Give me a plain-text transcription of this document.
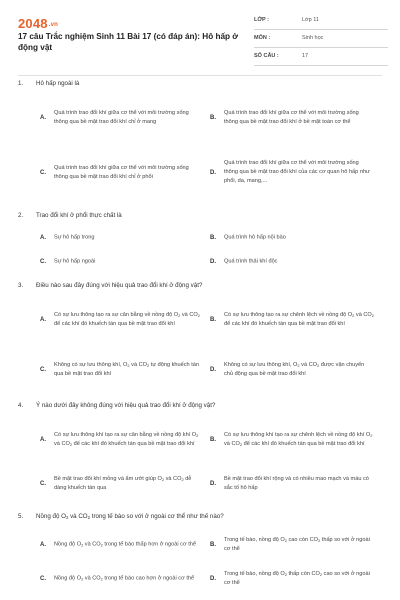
2048.vn
17 câu Trắc nghiệm Sinh 11 Bài 17 (có đáp án): Hô hấp ở động vật
LỚP :	Lớp 11
MÔN :	Sinh học
SỐ CÂU :	17
1. Hô hấp ngoài là
A.
Quá trình trao đổi khí giữa cơ thể với môi trường sống thông qua bề mặt trao đổi khí chỉ ở mang
B.
Quá trình trao đổi khí giữa cơ thể với môi trường sống thông qua bề mặt trao đổi khí ở bề mặt toàn cơ thể
C.
Quá trình trao đổi khí giữa cơ thể với môi trường sống thông qua bề mặt trao đổi khí chỉ ở phổi
D.
Quá trình trao đổi khí giữa cơ thể với môi trường sống thông qua bề mặt trao đổi khí của các cơ quan hô hấp như phổi, da, mang,...
2. Trao đổi khí ở phổi thực chất là
A. Sự hô hấp trong	B. Quá trình hô hấp nội bào
C. Sự hô hấp ngoài	D. Quá trình thải khí độc
3. Điều nào sau đây đúng với hiệu quả trao đổi khí ở động vật?
A.
Có sự lưu thông tạo ra sự cân bằng về nồng độ $O_2$ và $CO_2$ để các khí đó khuếch tán qua bề mặt trao đổi khí
B.
Có sự lưu thông tạo ra sự chênh lệch về nồng độ $O_2$ và $CO_2$ để các khí đó khuếch tán qua bề mặt trao đổi khí
C.
Không có sự lưu thông khí, $O_2$ và $CO_2$ tự động khuếch tán qua bề mặt trao đổi khí
D.
Không có sự lưu thông khí, $O_2$ và $CO_2$ được vận chuyển chủ động qua bề mặt trao đổi khí
4. Ý nào dưới đây không đúng với hiệu quả trao đổi khí ở động vật?
A.
Có sự lưu thông khí tạo ra sự cân bằng về nồng độ khí $O_2$ và $CO_2$ để các khí đó khuếch tán qua bề mặt trao đổi khí
B.
Có sự lưu thông khí tạo ra sự chênh lệch về nồng độ khí $O_2$ và $CO_2$ để các khí đó khuếch tán qua bề mặt trao đổi khí
C.
Bề mặt trao đổi khí mỏng và ẩm ướt giúp $O_2$ và $CO_2$ dễ dàng khuếch tán qua
D.
Bề mặt trao đổi khí rộng và có nhiều mao mạch và máu có sắc tố hô hấp
5. Nồng độ $O_2$ và $CO_2$ trong tế bào so với ở ngoài cơ thể như thế nào?
A. Nồng độ $O_2$ và $CO_2$ trong tế bào thấp hơn ở ngoài cơ thể	B.
Trong tế bào, nồng độ $O_2$ cao còn $CO_2$ thấp so với ở ngoài cơ thể
C. Nồng độ $O_2$ và $CO_2$ trong tế bào cao hơn ở ngoài cơ thể	D.
Trong tế bào, nồng độ $O_2$ thấp còn $CO_2$ cao so với ở ngoài cơ thể
